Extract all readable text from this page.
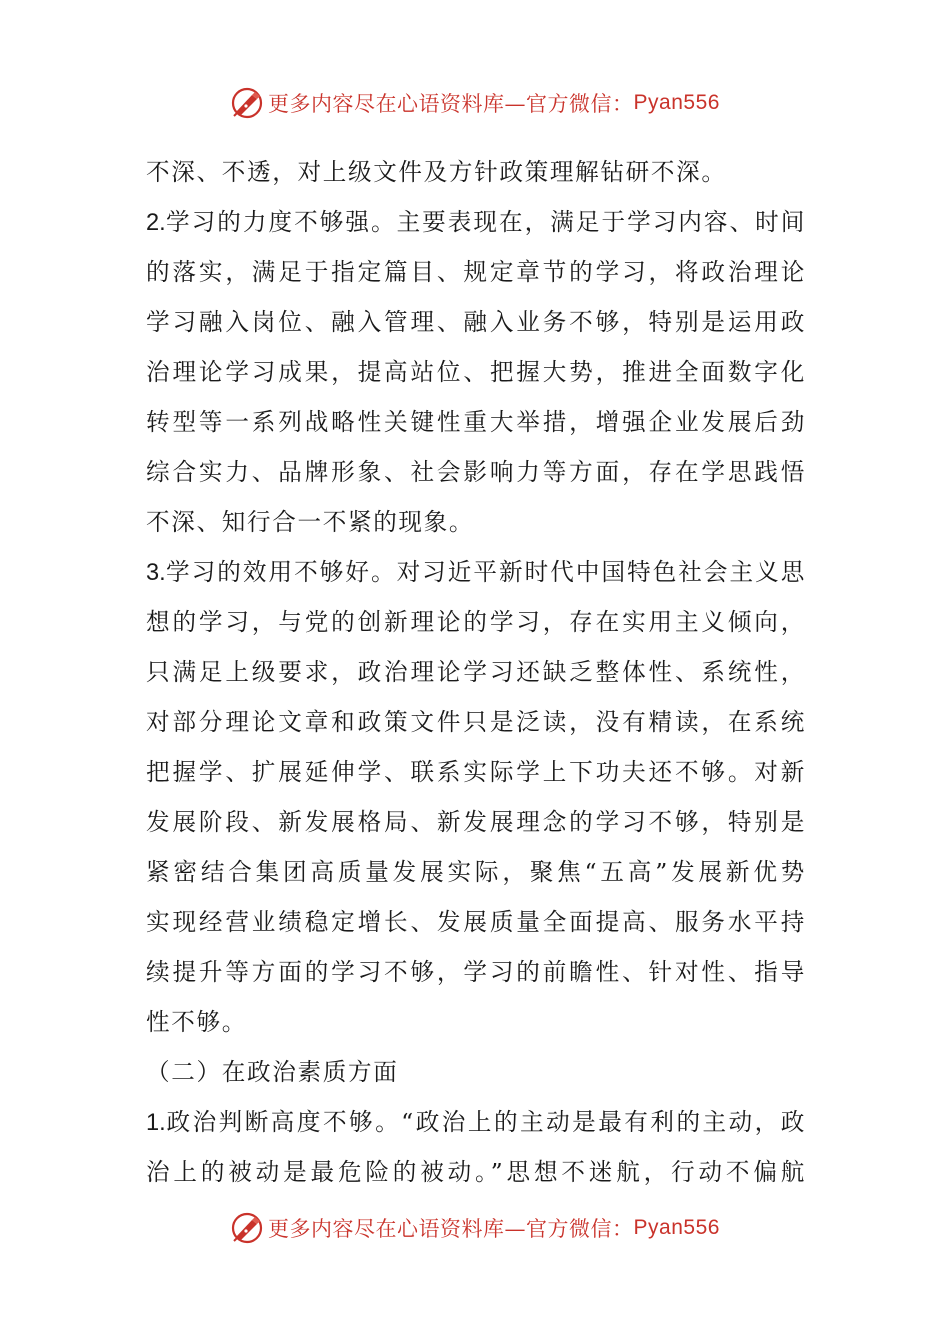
更多内容尽在心语资料库—官方微信： Pyan556
不深、不透，对上级文件及方针政策理解钻研不深。
2.学习的力度不够强。主要表现在，满足于学习内容、时间
的落实，满足于指定篇目、规定章节的学习，将政治理论
学习融入岗位、融入管理、融入业务不够，特别是运用政
治理论学习成果，提高站位、把握大势，推进全面数字化
转型等一系列战略性关键性重大举措，增强企业发展后劲
综合实力、品牌形象、社会影响力等方面，存在学思践悟
不深、知行合一不紧的现象。
3.学习的效用不够好。对习近平新时代中国特色社会主义思
想的学习，与党的创新理论的学习，存在实用主义倾向，
只满足上级要求，政治理论学习还缺乏整体性、系统性，
对部分理论文章和政策文件只是泛读，没有精读，在系统
把握学、扩展延伸学、联系实际学上下功夫还不够。对新
发展阶段、新发展格局、新发展理念的学习不够，特别是
紧密结合集团高质量发展实际，聚焦“五高”发展新优势
实现经营业绩稳定增长、发展质量全面提高、服务水平持
续提升等方面的学习不够，学习的前瞻性、针对性、指导
性不够。
（二）在政治素质方面
1.政治判断高度不够。“政治上的主动是最有利的主动，政
治上的被动是最危险的被动。”思想不迷航，行动不偏航
更多内容尽在心语资料库—官方微信： Pyan556
